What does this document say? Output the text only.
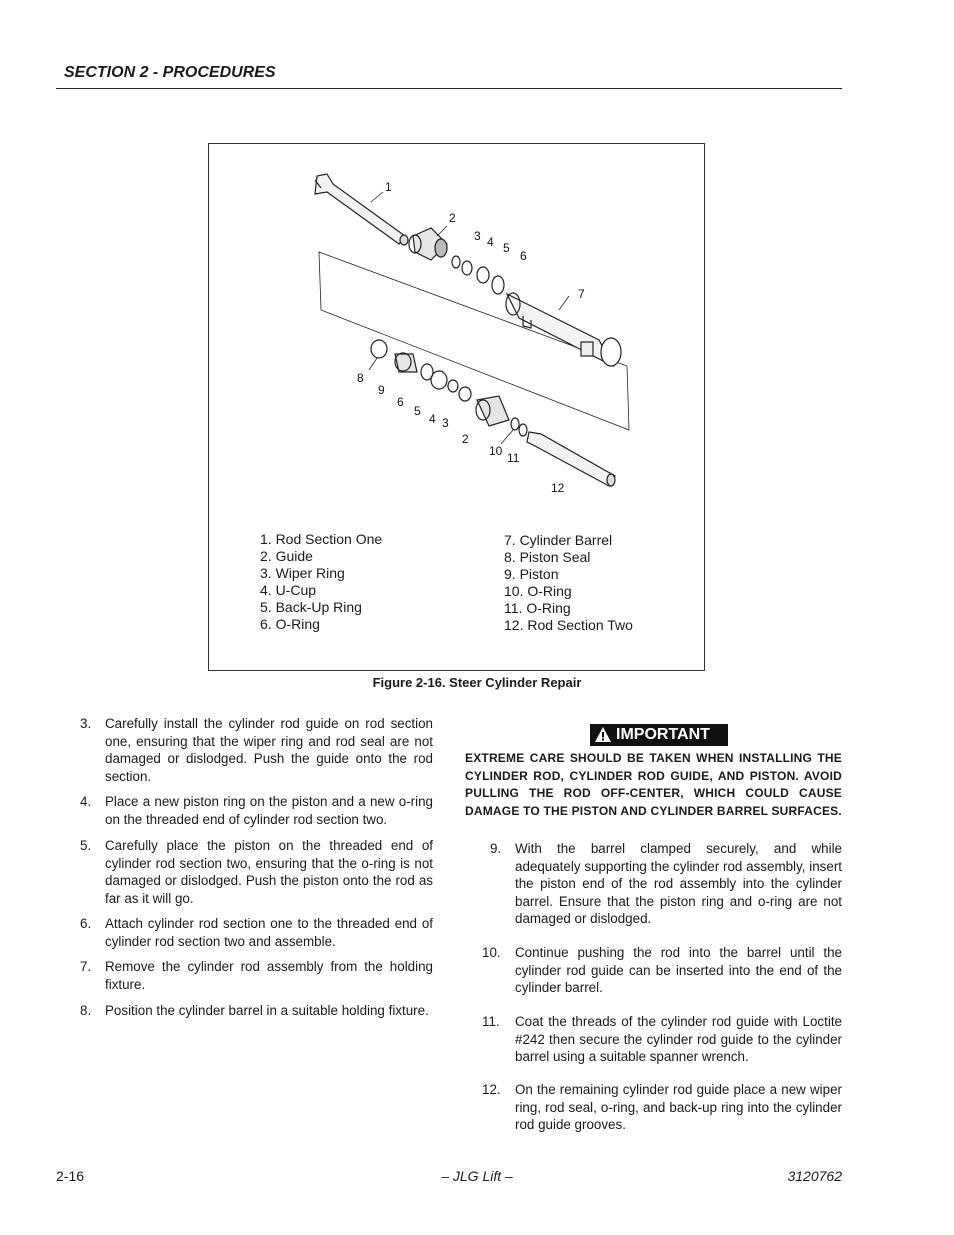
SECTION 2 - PROCEDURES
1
2
3 4 5
6
7
8
9
6
5
4 3
2
10 11
12
1. Rod Section One
2. Guide
3. Wiper Ring
4. U-Cup
5. Back-Up Ring
6. O-Ring
7. Cylinder Barrel
8. Piston Seal
9. Piston
10. O-Ring
11. O-Ring
12. Rod Section Two
Figure 2-16. Steer Cylinder Repair
3. Carefully install the cylinder rod guide on rod section one, ensuring that the wiper ring and rod seal are not damaged or dislodged. Push the guide onto the rod section.
4. Place a new piston ring on the piston and a new o-ring on the threaded end of cylinder rod section two.
5. Carefully place the piston on the threaded end of cylinder rod section two, ensuring that the o-ring is not damaged or dislodged. Push the piston onto the rod as far as it will go.
6. Attach cylinder rod section one to the threaded end of cylinder rod section two and assemble.
7. Remove the cylinder rod assembly from the holding fixture.
8. Position the cylinder barrel in a suitable holding fixture.
IMPORTANT
EXTREME CARE SHOULD BE TAKEN WHEN INSTALLING THE CYLINDER ROD, CYLINDER ROD GUIDE, AND PISTON. AVOID PULLING THE ROD OFF-CENTER, WHICH COULD CAUSE DAMAGE TO THE PISTON AND CYLINDER BARREL SURFACES.
9. With the barrel clamped securely, and while adequately supporting the cylinder rod assembly, insert the piston end of the rod assembly into the cylinder barrel. Ensure that the piston ring and o-ring are not damaged or dislodged.
10. Continue pushing the rod into the barrel until the cylinder rod guide can be inserted into the end of the cylinder barrel.
11. Coat the threads of the cylinder rod guide with Loctite #242 then secure the cylinder rod guide to the cylinder barrel using a suitable spanner wrench.
12. On the remaining cylinder rod guide place a new wiper ring, rod seal, o-ring, and back-up ring into the cylinder rod guide grooves.
2-16	– JLG Lift –	3120762
